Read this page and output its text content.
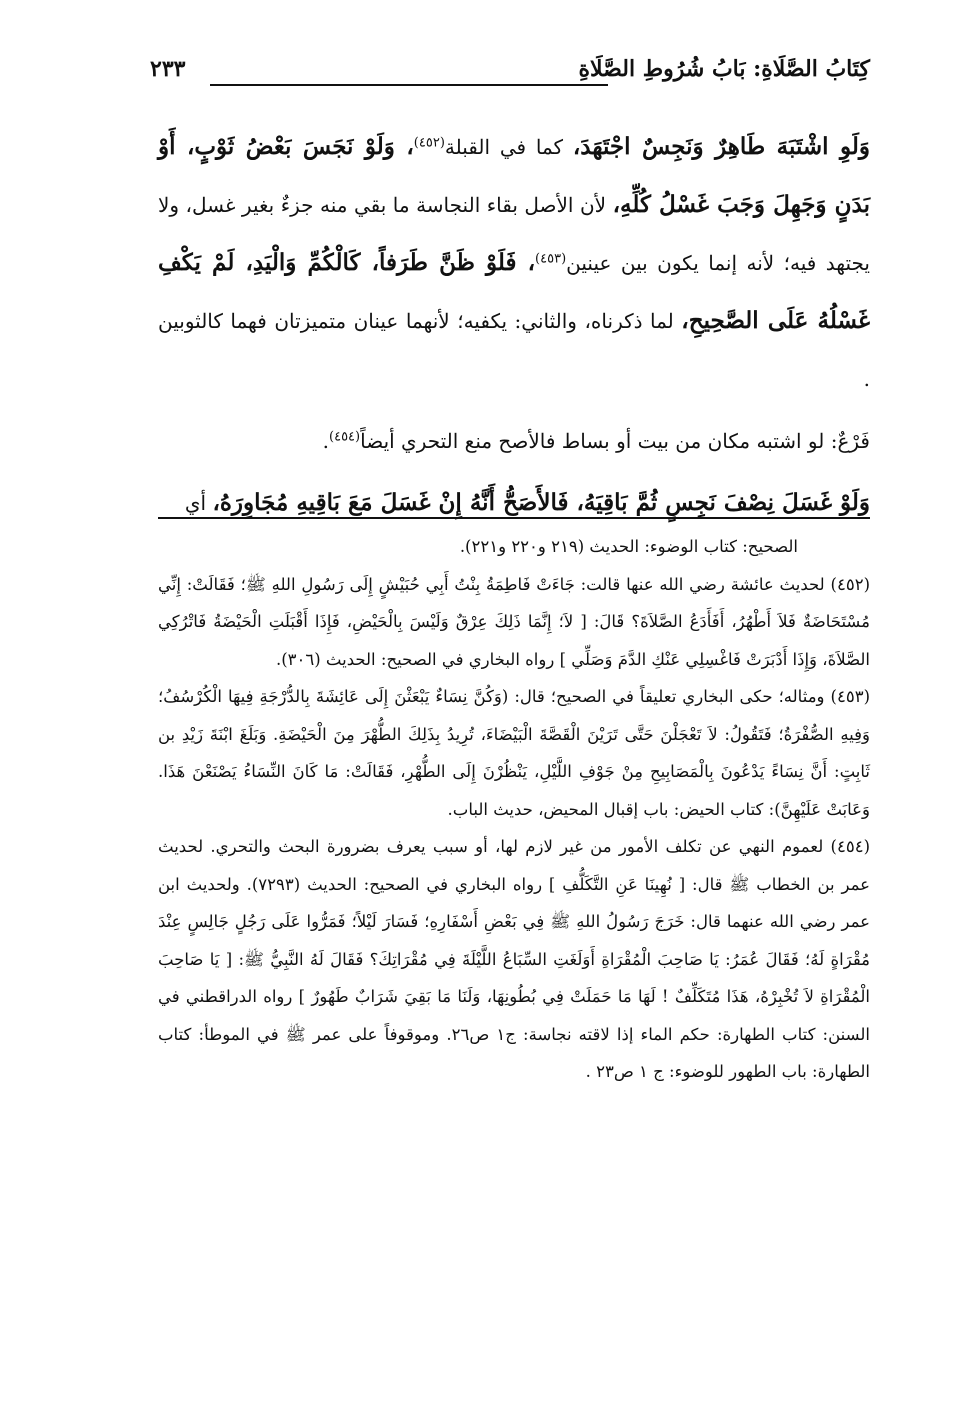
كِتَابُ الصَّلَاةِ: بَابُ شُرُوطِ الصَّلَاةِ
٢٣٣

وَلَوِ اشْتَبَهَ طَاهِرٌ وَنَجِسٌ اجْتَهَدَ، كما في القبلة$^{(٤٥٢)}$، وَلَوْ نَجَسَ بَعْضُ ثَوْبٍ، أَوْ بَدَنٍ وَجَهِلَ وَجَبَ غَسْلُ كُلِّهِ، لأن الأصل بقاء النجاسة ما بقي منه جزءٌ بغير غسل، ولا يجتهد فيه؛ لأنه إنما يكون بين عينين$^{(٤٥٣)}$، فَلَوْ ظَنَّ طَرَفاً، كَالْكُمِّ وَالْيَدِ، لَمْ يَكْفِ غَسْلُهُ عَلَى الصَّحِيحِ، لما ذكرناه، والثاني: يكفيه؛ لأنهما عينان متميزتان فهما كالثوبين .

فَرْعٌ: لو اشتبه مكان من بيت أو بساط فالأصح منع التحري أيضاً$^{(٤٥٤)}$.

وَلَوْ غَسَلَ نِصْفَ نَجِسٍ ثُمَّ بَاقِيَهُ، فَالأَصَحُّ أَنَّهُ إِنْ غَسَلَ مَعَ بَاقِيهِ مُجَاوِرَهُ، أي

الصحيح: كتاب الوضوء: الحديث (٢١٩ و٢٢٠ و٢٢١).

(٤٥٢) لحديث عائشة رضي الله عنها قالت: جَاءَتْ فَاطِمَةُ بِنْتُ أَبِي حُبَيْشٍ إِلَى رَسُولِ اللهِ ﷺ؛ فَقَالَتْ: إِنِّي مُسْتَحَاضَةٌ فَلاَ أَطْهُرُ، أَفَأَدَعُ الصَّلاَةَ؟ قَالَ: [ لاَ؛ إِنَّمَا ذَلِكَ عِرْقٌ وَلَيْسَ بِالْحَيْضِ، فَإِذَا أَقْبَلَتِ الْحَيْضَةُ فَاتْرُكِي الصَّلاَةَ، وَإِذَا أَدْبَرَتْ فَاغْسِلِي عَنْكِ الدَّمَ وَصَلِّي ] رواه البخاري في الصحيح: الحديث (٣٠٦).

(٤٥٣) ومثاله؛ حكى البخاري تعليقاً في الصحيح؛ قال: (وَكُنَّ نِسَاءٌ يَبْعَثْنَ إِلَى عَائِشَةَ بِالدُّرْجَةِ فِيهَا الْكُرْسُفُ؛ وَفِيهِ الصُّفْرَةُ؛ فَتَقُولُ: لاَ تَعْجَلْنَ حَتَّى تَرَيْنَ الْقَصَّةَ الْبَيْضَاءَ، تُرِيدُ بِذَلِكَ الطُّهْرَ مِنَ الْحَيْضَةِ. وَبَلَغَ ابْنَةَ زَيْدِ بن ثَابِتٍ: أَنَّ نِسَاءً يَدْعُونَ بِالْمَصَابِيحِ مِنْ جَوْفِ اللَّيْلِ، يَنْظُرْنَ إِلَى الطُّهْرِ، فَقَالَتْ: مَا كَانَ النِّسَاءُ يَصْنَعْنَ هَذَا. وَعَابَتْ عَلَيْهِنَّ): كتاب الحيض: باب إقبال المحيض، حديث الباب.

(٤٥٤) لعموم النهي عن تكلف الأمور من غير لازم لها، أو سبب يعرف بضرورة البحث والتحري. لحديث عمر بن الخطاب ﷺ قال: [ نُهِينَا عَنِ التَّكَلُّفِ ] رواه البخاري في الصحيح: الحديث (٧٢٩٣). ولحديث ابن عمر رضي الله عنهما قال: خَرَجَ رَسُولُ اللهِ ﷺ فِي بَعْضِ أَسْفَارِهِ؛ فَسَارَ لَيْلاً؛ فَمَرُّوا عَلَى رَجُلٍ جَالِسٍ عِنْدَ مُقْرَاةٍ لَهُ؛ فَقَالَ عُمَرُ: يَا صَاحِبَ الْمُقْرَاةِ أَوَلَغَتِ السِّبَاعُ اللَّيْلَةَ فِي مُقْرَاتِكَ؟ فَقَالَ لَهُ النَّبِيُّ ﷺ: [ يَا صَاحِبَ الْمُقْرَاةِ لاَ تُخْبِرْهُ، هَذَا مُتَكَلِّفٌ ! لَهَا مَا حَمَلَتْ فِي بُطُونِهَا، وَلَنَا مَا بَقِيَ شَرَابٌ طَهُورٌ ] رواه الدراقطني في السنن: كتاب الطهارة: حكم الماء إذا لاقته نجاسة: ج١ ص٢٦. وموقوفاً على عمر ﷺ في الموطأ: كتاب الطهارة: باب الطهور للوضوء: ج ١ ص٢٣ .
